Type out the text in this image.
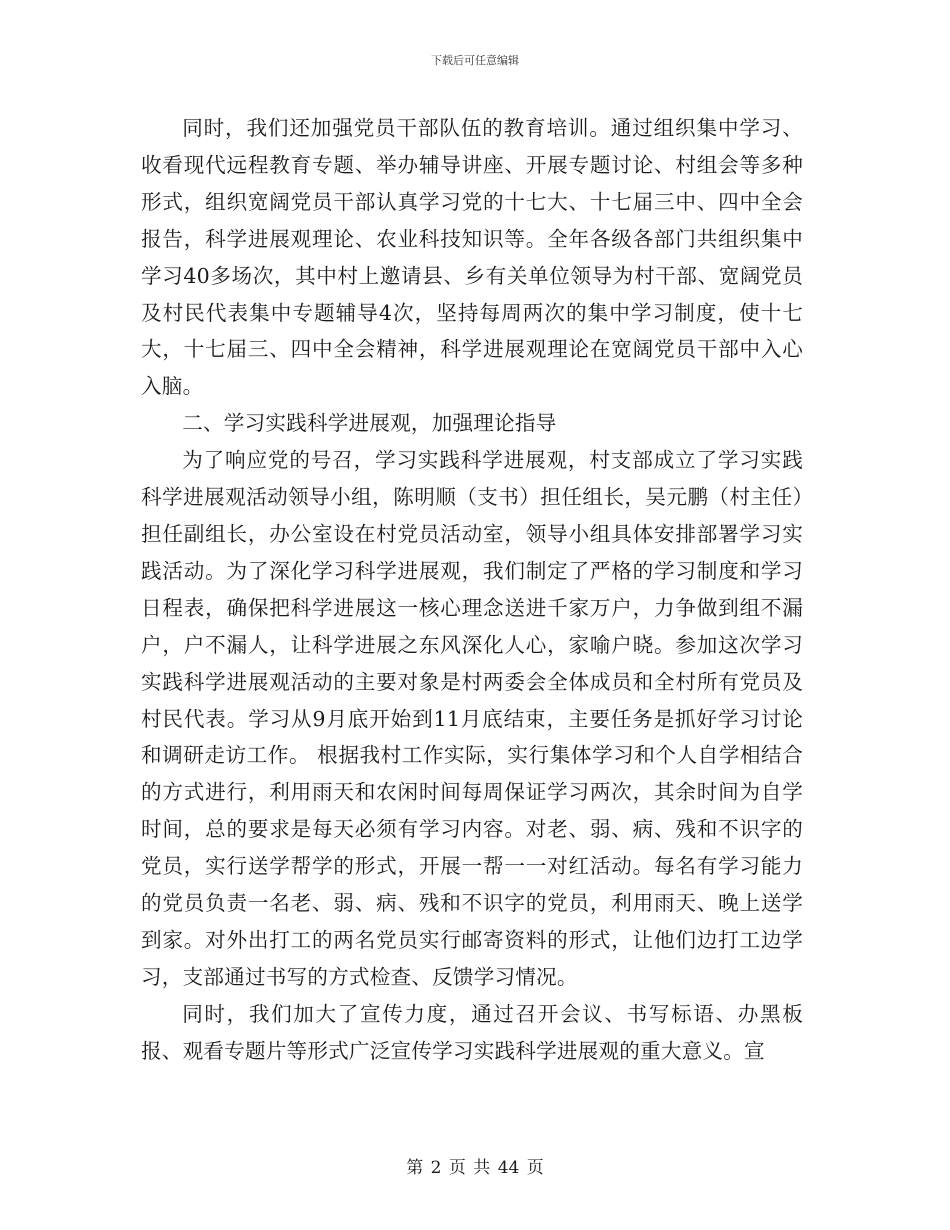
下载后可任意编辑

同时，我们还加强党员干部队伍的教育培训。通过组织集中学习、收看现代远程教育专题、举办辅导讲座、开展专题讨论、村组会等多种形式，组织宽阔党员干部认真学习党的十七大、十七届三中、四中全会报告，科学进展观理论、农业科技知识等。全年各级各部门共组织集中学习40多场次，其中村上邀请县、乡有关单位领导为村干部、宽阔党员及村民代表集中专题辅导4次，坚持每周两次的集中学习制度，使十七大，十七届三、四中全会精神，科学进展观理论在宽阔党员干部中入心入脑。

二、学习实践科学进展观，加强理论指导

为了响应党的号召，学习实践科学进展观，村支部成立了学习实践科学进展观活动领导小组，陈明顺（支书）担任组长，吴元鹏（村主任）担任副组长，办公室设在村党员活动室，领导小组具体安排部署学习实践活动。为了深化学习科学进展观，我们制定了严格的学习制度和学习日程表，确保把科学进展这一核心理念送进千家万户，力争做到组不漏户，户不漏人，让科学进展之东风深化人心，家喻户晓。参加这次学习实践科学进展观活动的主要对象是村两委会全体成员和全村所有党员及村民代表。学习从9月底开始到11月底结束，主要任务是抓好学习讨论和调研走访工作。 根据我村工作实际，实行集体学习和个人自学相结合的方式进行，利用雨天和农闲时间每周保证学习两次，其余时间为自学时间，总的要求是每天必须有学习内容。对老、弱、病、残和不识字的党员，实行送学帮学的形式，开展一帮一一对红活动。每名有学习能力的党员负责一名老、弱、病、残和不识字的党员，利用雨天、晚上送学到家。对外出打工的两名党员实行邮寄资料的形式，让他们边打工边学习，支部通过书写的方式检查、反馈学习情况。

同时，我们加大了宣传力度，通过召开会议、书写标语、办黑板报、观看专题片等形式广泛宣传学习实践科学进展观的重大意义。宣

第 2 页 共 44 页
